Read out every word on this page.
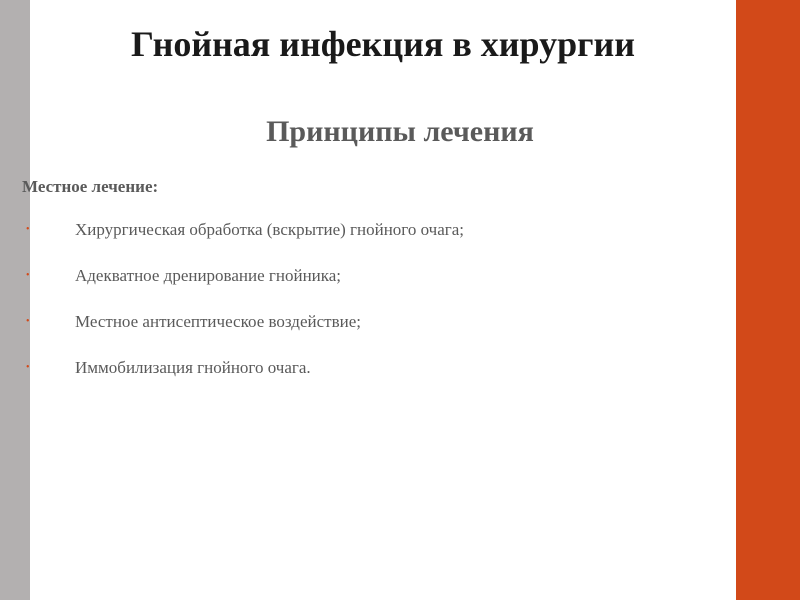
Гнойная инфекция в хирургии
Принципы лечения
Местное лечение:
•	Хирургическая обработка (вскрытие) гнойного очага;
•	Адекватное дренирование гнойника;
•	Местное антисептическое воздействие;
•	Иммобилизация гнойного очага.
